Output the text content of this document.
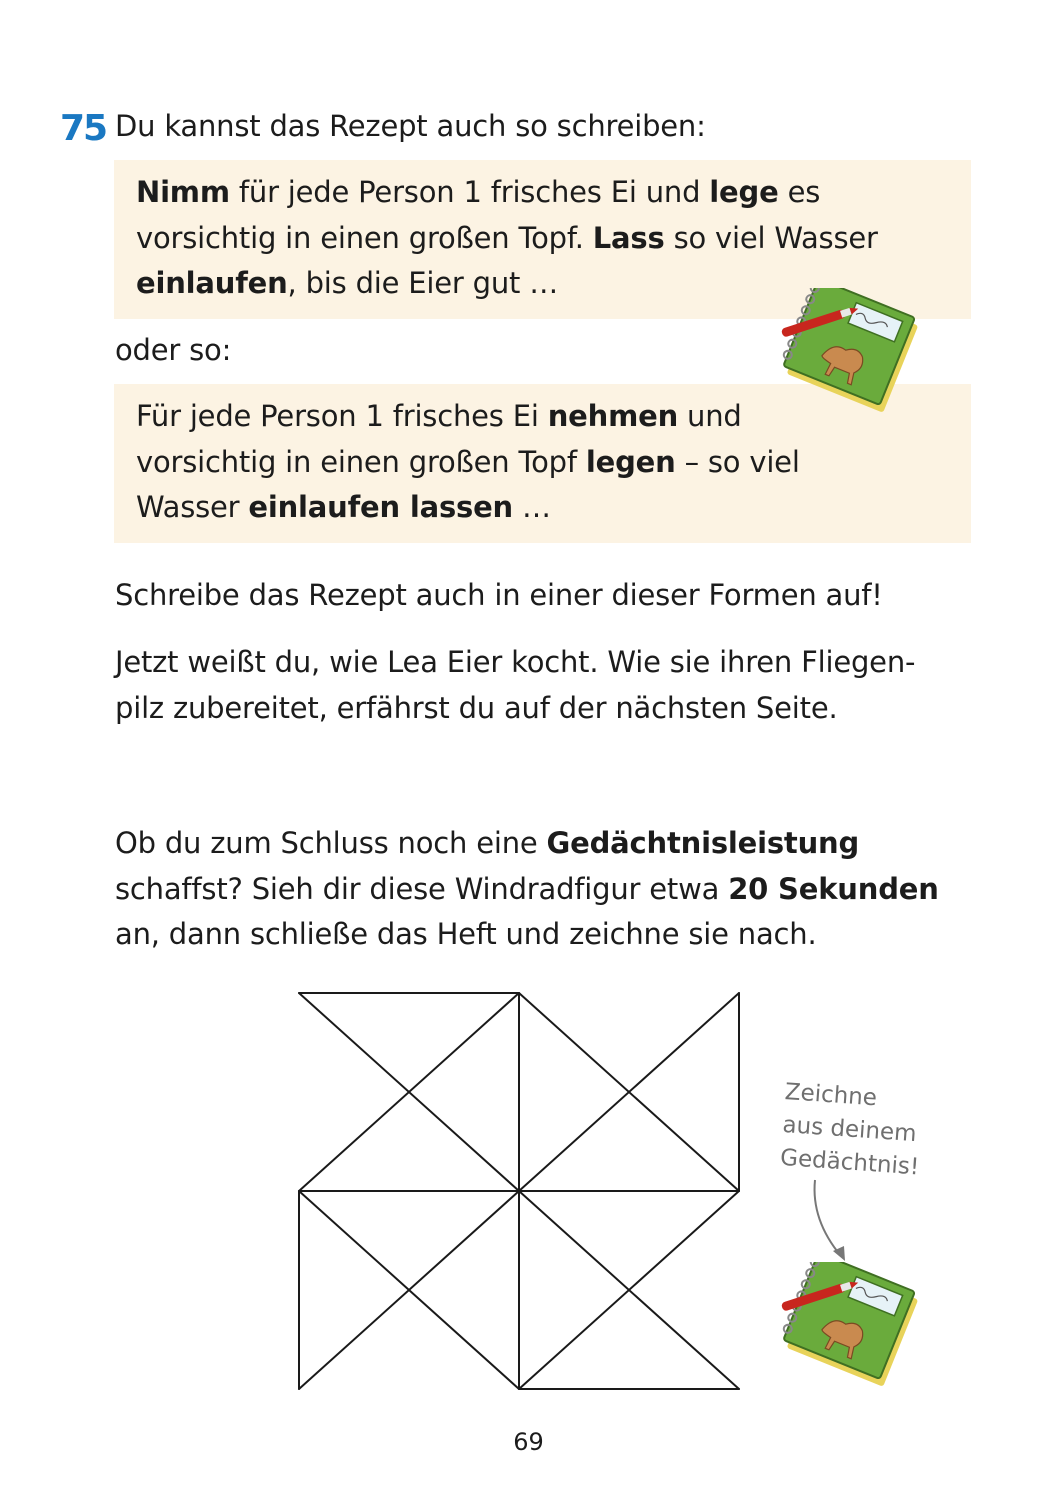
75 Du kannst das Rezept auch so schreiben:

Nimm für jede Person 1 frisches Ei und lege es
vorsichtig in einen großen Topf. Lass so viel Wasser
einlaufen, bis die Eier gut …

oder so:

Für jede Person 1 frisches Ei nehmen und
vorsichtig in einen großen Topf legen – so viel
Wasser einlaufen lassen …

Schreibe das Rezept auch in einer dieser Formen auf!

Jetzt weißt du, wie Lea Eier kocht. Wie sie ihren Fliegen-
pilz zubereitet, erfährst du auf der nächsten Seite.
Ob du zum Schluss noch eine Gedächtnisleistung
schaffst? Sieh dir diese Windradfigur etwa 20 Sekunden
an, dann schließe das Heft und zeichne sie nach.
Zeichne
aus deinem
Gedächtnis!
69
